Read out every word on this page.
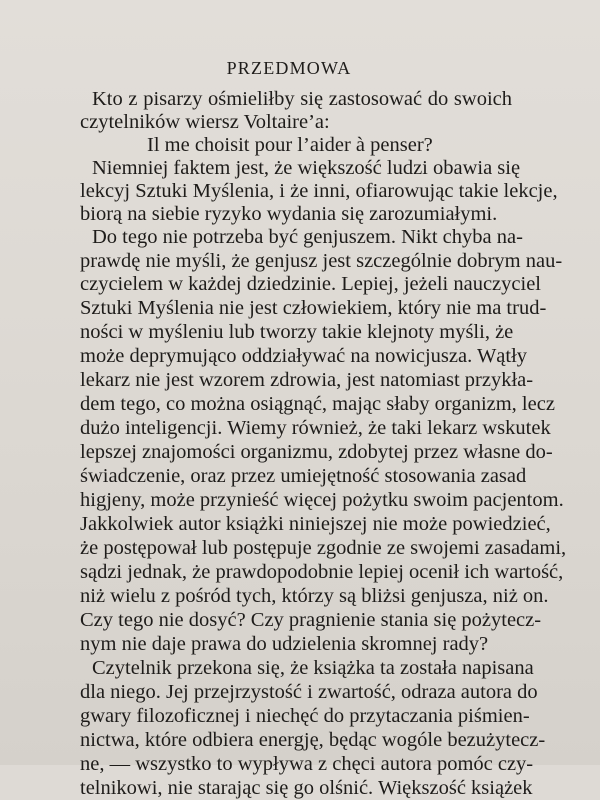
PRZEDMOWA
Kto z pisarzy ośmieliłby się zastosować do swoich
czytelników wiersz Voltaire’a:
Il me choisit pour l’aider à penser?
Niemniej faktem jest, że większość ludzi obawia się
lekcyj Sztuki Myślenia, i że inni, ofiarowując takie lekcje,
biorą na siebie ryzyko wydania się zarozumiałymi.
Do tego nie potrzeba być genjuszem. Nikt chyba na-
prawdę nie myśli, że genjusz jest szczególnie dobrym nau-
czycielem w każdej dziedzinie. Lepiej, jeżeli nauczyciel
Sztuki Myślenia nie jest człowiekiem, który nie ma trud-
ności w myśleniu lub tworzy takie klejnoty myśli, że
może deprymująco oddziaływać na nowicjusza. Wątły
lekarz nie jest wzorem zdrowia, jest natomiast przykła-
dem tego, co można osiągnąć, mając słaby organizm, lecz
dużo inteligencji. Wiemy również, że taki lekarz wskutek
lepszej znajomości organizmu, zdobytej przez własne do-
świadczenie, oraz przez umiejętność stosowania zasad
higjeny, może przynieść więcej pożytku swoim pacjentom.
Jakkolwiek autor książki niniejszej nie może powiedzieć,
że postępował lub postępuje zgodnie ze swojemi zasadami,
sądzi jednak, że prawdopodobnie lepiej ocenił ich wartość,
niż wielu z pośród tych, którzy są bliżsi genjusza, niż on.
Czy tego nie dosyć? Czy pragnienie stania się pożytecz-
nym nie daje prawa do udzielenia skromnej rady?
Czytelnik przekona się, że książka ta została napisana
dla niego. Jej przejrzystość i zwartość, odraza autora do
gwary filozoficznej i niechęć do przytaczania piśmien-
nictwa, które odbiera energję, będąc wogóle bezużytecz-
ne, — wszystko to wypływa z chęci autora pomóc czy-
telnikowi, nie starając się go olśnić. Większość książek
